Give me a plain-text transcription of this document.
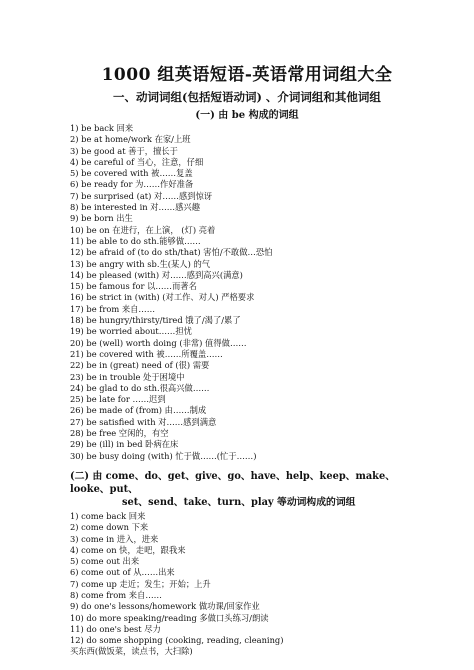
1000 组英语短语-英语常用词组大全
一、动词词组(包括短语动词) 、介词词组和其他词组
(一) 由 be 构成的词组
1) be back 回来
2) be at home/work 在家/上班
3) be good at 善于，擅长于
4) be careful of 当心，注意，仔细
5) be covered with 被……复盖
6) be ready for 为……作好准备
7) be surprised (at) 对……感到惊讶
8) be interested in 对……感兴趣
9) be born 出生
10) be on 在进行，在上演， (灯) 亮着
11) be able to do sth.能够做……
12) be afraid of (to do sth/that) 害怕/不敢做…恐怕
13) be angry with sb.生(某人) 的气
14) be pleased (with) 对……感到高兴(满意)
15) be famous for 以……而著名
16) be strict in (with) (对工作、对人) 严格要求
17) be from 来自……
18) be hungry/thirsty/tired 饿了/渴了/累了
19) be worried about……担忧
20) be (well) worth doing (非常) 值得做……
21) be covered with 被……所覆盖……
22) be in (great) need of (很) 需要
23) be in trouble 处于困境中
24) be glad to do sth.很高兴做……
25) be late for ……迟到
26) be made of (from) 由……制成
27) be satisfied with 对……感到满意
28) be free 空闲的，有空
29) be (ill) in bed 卧病在床
30) be busy doing (with) 忙于做……(忙于……)
(二) 由 come、do、get、give、go、have、help、keep、make、looke、put、
set、send、take、turn、play 等动词构成的词组
1) come back 回来
2) come down 下来
3) come in 进入，进来
4) come on 快，走吧，跟我来
5) come out 出来
6) come out of 从……出来
7) come up 走近；发生；开始；上升
8) come from 来自……
9) do one's lessons/homework 做功课/回家作业
10) do more speaking/reading 多做口头练习/朗读
11) do one's best 尽力
12) do some shopping (cooking, reading, cleaning)
买东西(做饭菜，读点书，大扫除)
